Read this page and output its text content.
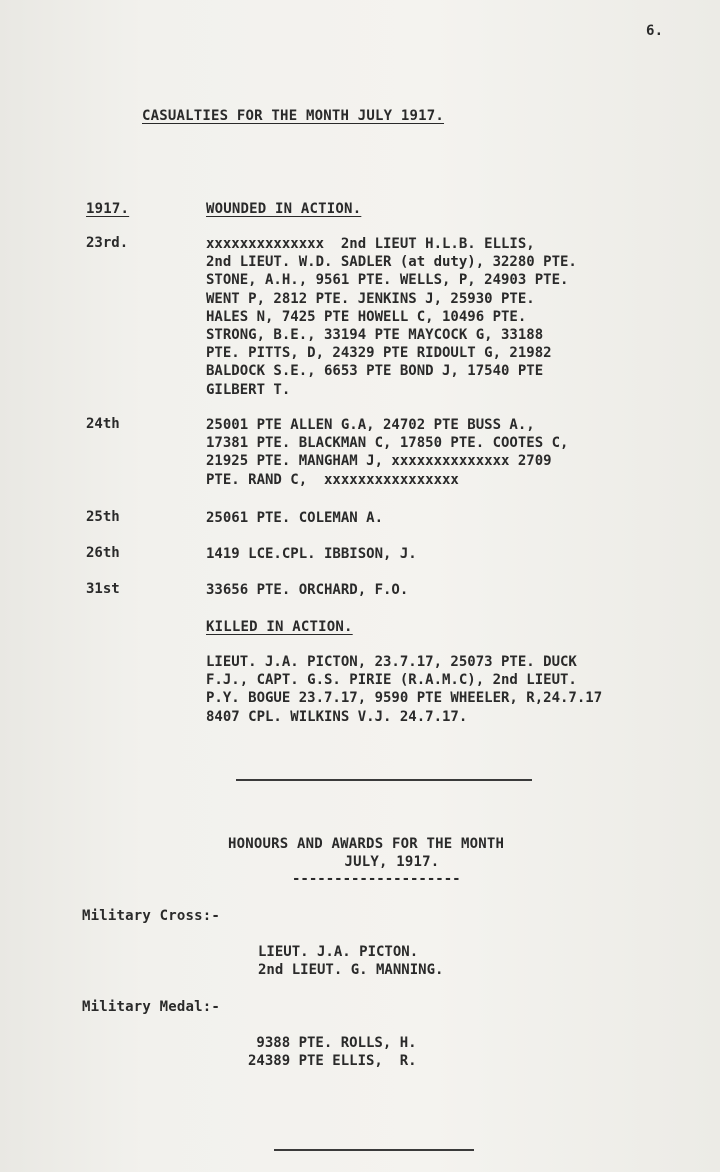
6.
CASUALTIES FOR THE MONTH JULY 1917.
1917.	WOUNDED IN ACTION.
23rd.	xxxxxxxxxxxxxx  2nd LIEUT H.L.B. ELLIS,
2nd LIEUT. W.D. SADLER (at duty), 32280 PTE.
STONE, A.H., 9561 PTE. WELLS, P, 24903 PTE.
WENT P, 2812 PTE. JENKINS J, 25930 PTE.
HALES N, 7425 PTE HOWELL C, 10496 PTE.
STRONG, B.E., 33194 PTE MAYCOCK G, 33188
PTE. PITTS, D, 24329 PTE RIDOULT G, 21982
BALDOCK S.E., 6653 PTE BOND J, 17540 PTE
GILBERT T.
24th	25001 PTE ALLEN G.A, 24702 PTE BUSS A.,
17381 PTE. BLACKMAN C, 17850 PTE. COOTES C,
21925 PTE. MANGHAM J, xxxxxxxxxxxxxx 2709
PTE. RAND C,  xxxxxxxxxxxxxxxx
25th	25061 PTE. COLEMAN A.
26th	1419 LCE.CPL. IBBISON, J.
31st	33656 PTE. ORCHARD, F.O.
KILLED IN ACTION.
LIEUT. J.A. PICTON, 23.7.17, 25073 PTE. DUCK
F.J., CAPT. G.S. PIRIE (R.A.M.C), 2nd LIEUT.
P.Y. BOGUE 23.7.17, 9590 PTE WHEELER, R,24.7.17
8407 CPL. WILKINS V.J. 24.7.17.
HONOURS AND AWARDS FOR THE MONTH
JULY, 1917.
--------------------
Military Cross:-
LIEUT. J.A. PICTON.
2nd LIEUT. G. MANNING.
Military Medal:-
9388 PTE. ROLLS, H.
24389 PTE ELLIS,  R.
